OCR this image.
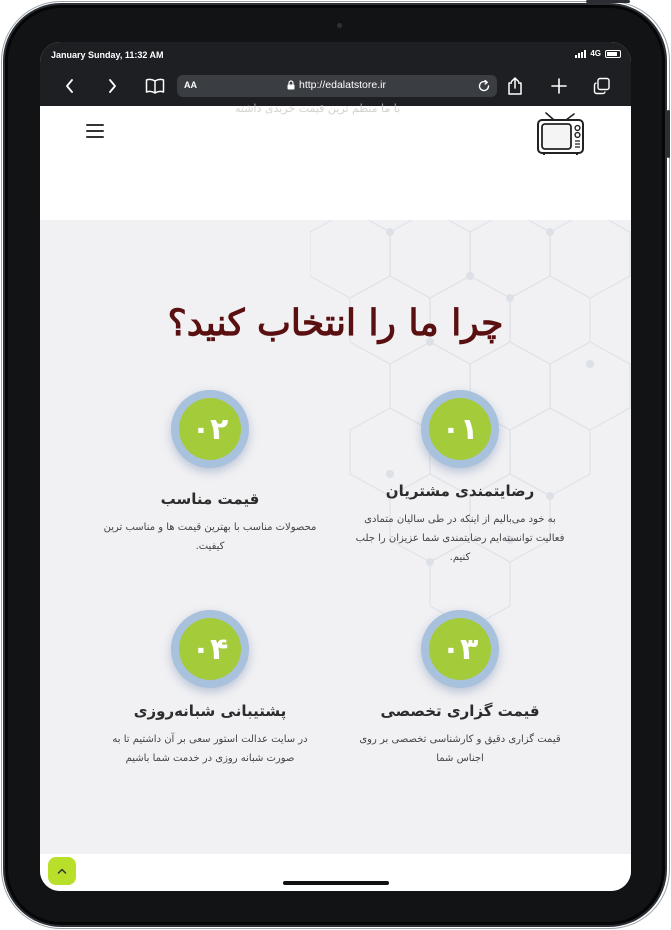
January Sunday, 11:32 AM	4G
AA	http://edalatstore.ir
با ما منظم ترین قیمت خریدی داشته
چرا ما را انتخاب کنید؟
۰۱
رضایتمندی مشتریان
به خود می‌بالیم از اینکه در طی سالیان متمادی فعالیت توانسته‌ایم رضایتمندی شما عزیزان را جلب کنیم.
۰۲
قیمت مناسب
محصولات مناسب با بهترین قیمت ها و مناسب ترین کیفیت.
۰۳
قیمت گزاری تخصصی
قیمت گزاری دقیق و کارشناسی تخصصی بر روی اجناس شما
۰۴
پشتیبانی شبانه‌روزی
در سایت عدالت استور سعی بر آن داشتیم تا به صورت شبانه روزی در خدمت شما باشیم
